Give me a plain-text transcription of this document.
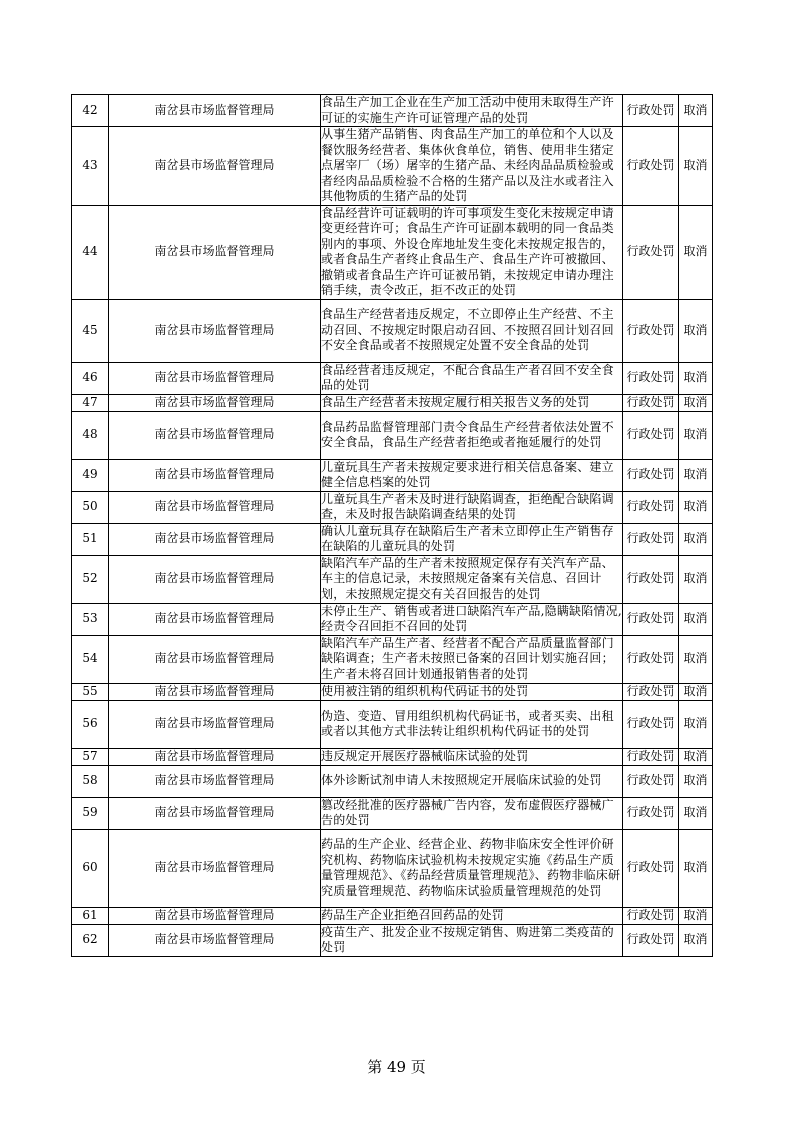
42	南岔县市场监督管理局	食品生产加工企业在生产加工活动中使用未取得生产许可证的实施生产许可证管理产品的处罚	行政处罚	取消
43	南岔县市场监督管理局	从事生猪产品销售、肉食品生产加工的单位和个人以及餐饮服务经营者、集体伙食单位，销售、使用非生猪定点屠宰厂（场）屠宰的生猪产品、未经肉品品质检验或者经肉品品质检验不合格的生猪产品以及注水或者注入其他物质的生猪产品的处罚	行政处罚	取消
44	南岔县市场监督管理局	食品经营许可证载明的许可事项发生变化未按规定申请变更经营许可；食品生产许可证副本载明的同一食品类别内的事项、外设仓库地址发生变化未按规定报告的，或者食品生产者终止食品生产、食品生产许可被撤回、撤销或者食品生产许可证被吊销，未按规定申请办理注销手续，责令改正，拒不改正的处罚	行政处罚	取消
45	南岔县市场监督管理局	食品生产经营者违反规定，不立即停止生产经营、不主动召回、不按规定时限启动召回、不按照召回计划召回不安全食品或者不按照规定处置不安全食品的处罚	行政处罚	取消
46	南岔县市场监督管理局	食品经营者违反规定，不配合食品生产者召回不安全食品的处罚	行政处罚	取消
47	南岔县市场监督管理局	食品生产经营者未按规定履行相关报告义务的处罚	行政处罚	取消
48	南岔县市场监督管理局	食品药品监督管理部门责令食品生产经营者依法处置不安全食品，食品生产经营者拒绝或者拖延履行的处罚	行政处罚	取消
49	南岔县市场监督管理局	儿童玩具生产者未按规定要求进行相关信息备案、建立健全信息档案的处罚	行政处罚	取消
50	南岔县市场监督管理局	儿童玩具生产者未及时进行缺陷调查，拒绝配合缺陷调查，未及时报告缺陷调查结果的处罚	行政处罚	取消
51	南岔县市场监督管理局	确认儿童玩具存在缺陷后生产者未立即停止生产销售存在缺陷的儿童玩具的处罚	行政处罚	取消
52	南岔县市场监督管理局	缺陷汽车产品的生产者未按照规定保存有关汽车产品、车主的信息记录，未按照规定备案有关信息、召回计划，未按照规定提交有关召回报告的处罚	行政处罚	取消
53	南岔县市场监督管理局	未停止生产、销售或者进口缺陷汽车产品,隐瞒缺陷情况,经责令召回拒不召回的处罚	行政处罚	取消
54	南岔县市场监督管理局	缺陷汽车产品生产者、经营者不配合产品质量监督部门缺陷调查；生产者未按照已备案的召回计划实施召回；生产者未将召回计划通报销售者的处罚	行政处罚	取消
55	南岔县市场监督管理局	使用被注销的组织机构代码证书的处罚	行政处罚	取消
56	南岔县市场监督管理局	伪造、变造、冒用组织机构代码证书，或者买卖、出租或者以其他方式非法转让组织机构代码证书的处罚	行政处罚	取消
57	南岔县市场监督管理局	违反规定开展医疗器械临床试验的处罚	行政处罚	取消
58	南岔县市场监督管理局	体外诊断试剂申请人未按照规定开展临床试验的处罚	行政处罚	取消
59	南岔县市场监督管理局	篡改经批准的医疗器械广告内容，发布虚假医疗器械广告的处罚	行政处罚	取消
60	南岔县市场监督管理局	药品的生产企业、经营企业、药物非临床安全性评价研究机构、药物临床试验机构未按规定实施《药品生产质量管理规范》、《药品经营质量管理规范》、药物非临床研究质量管理规范、药物临床试验质量管理规范的处罚	行政处罚	取消
61	南岔县市场监督管理局	药品生产企业拒绝召回药品的处罚	行政处罚	取消
62	南岔县市场监督管理局	疫苗生产、批发企业不按规定销售、购进第二类疫苗的处罚	行政处罚	取消
第 49 页
